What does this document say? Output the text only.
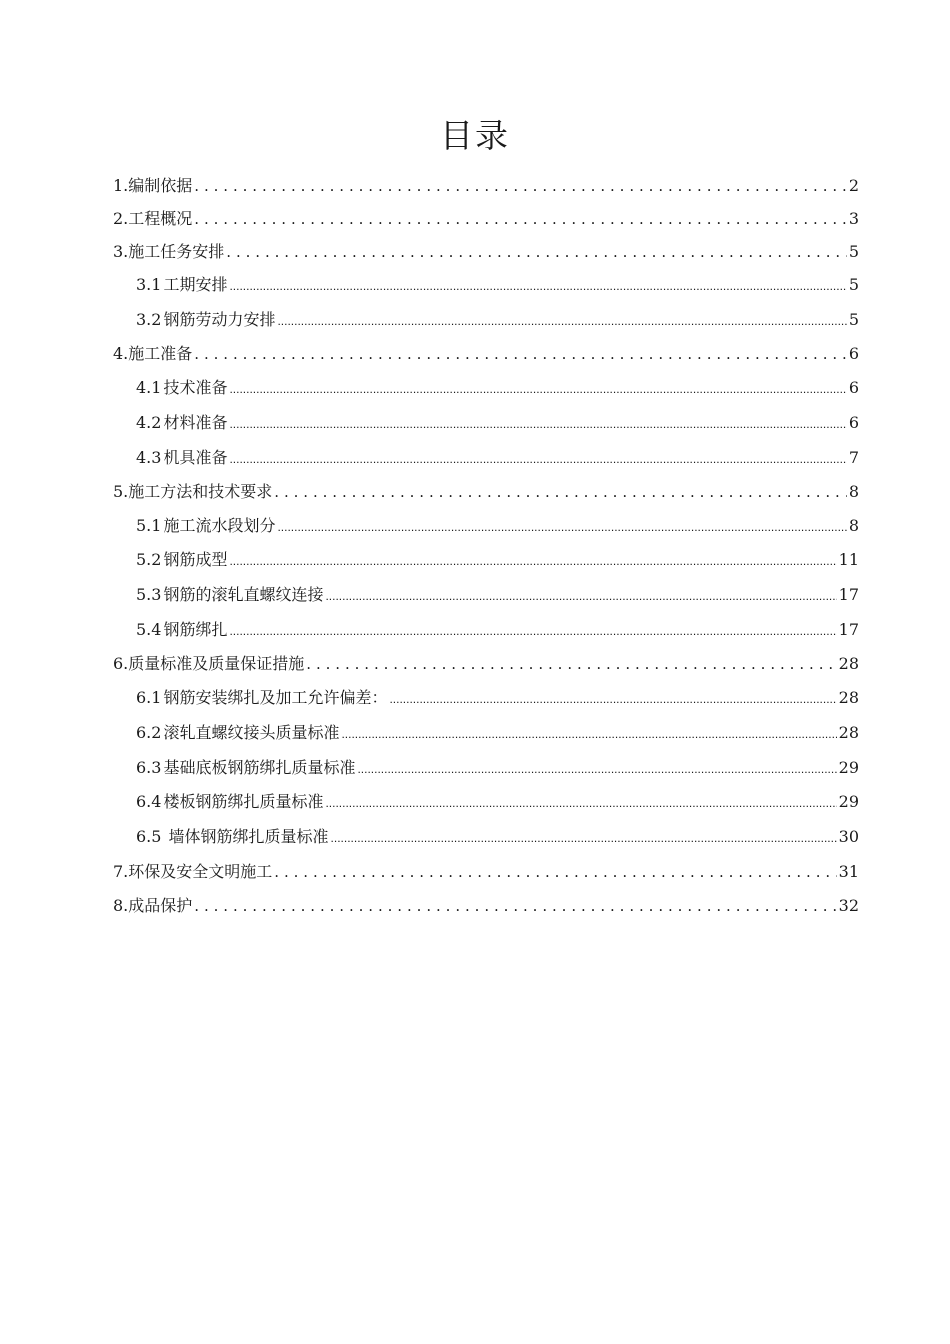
目录
1. 编制依据 .....	2
2. 工程概况 .....	3
3. 施工任务安排 .....	5
3.1 工期安排 .....	5
3.2 钢筋劳动力安排 .....	5
4. 施工准备 .....	6
4.1 技术准备 .....	6
4.2 材料准备 .....	6
4.3 机具准备 .....	7
5. 施工方法和技术要求 .....	8
5.1 施工流水段划分 .....	8
5.2 钢筋成型 .....	11
5.3 钢筋的滚轧直螺纹连接 .....	17
5.4 钢筋绑扎 .....	17
6. 质量标准及质量保证措施 .....	28
6.1 钢筋安装绑扎及加工允许偏差： .....	28
6.2 滚轧直螺纹接头质量标准 .....	28
6.3 基础底板钢筋绑扎质量标准 .....	29
6.4 楼板钢筋绑扎质量标准 .....	29
6.5 墙体钢筋绑扎质量标准 .....	30
7. 环保及安全文明施工 .....	31
8. 成品保护 .....	32
